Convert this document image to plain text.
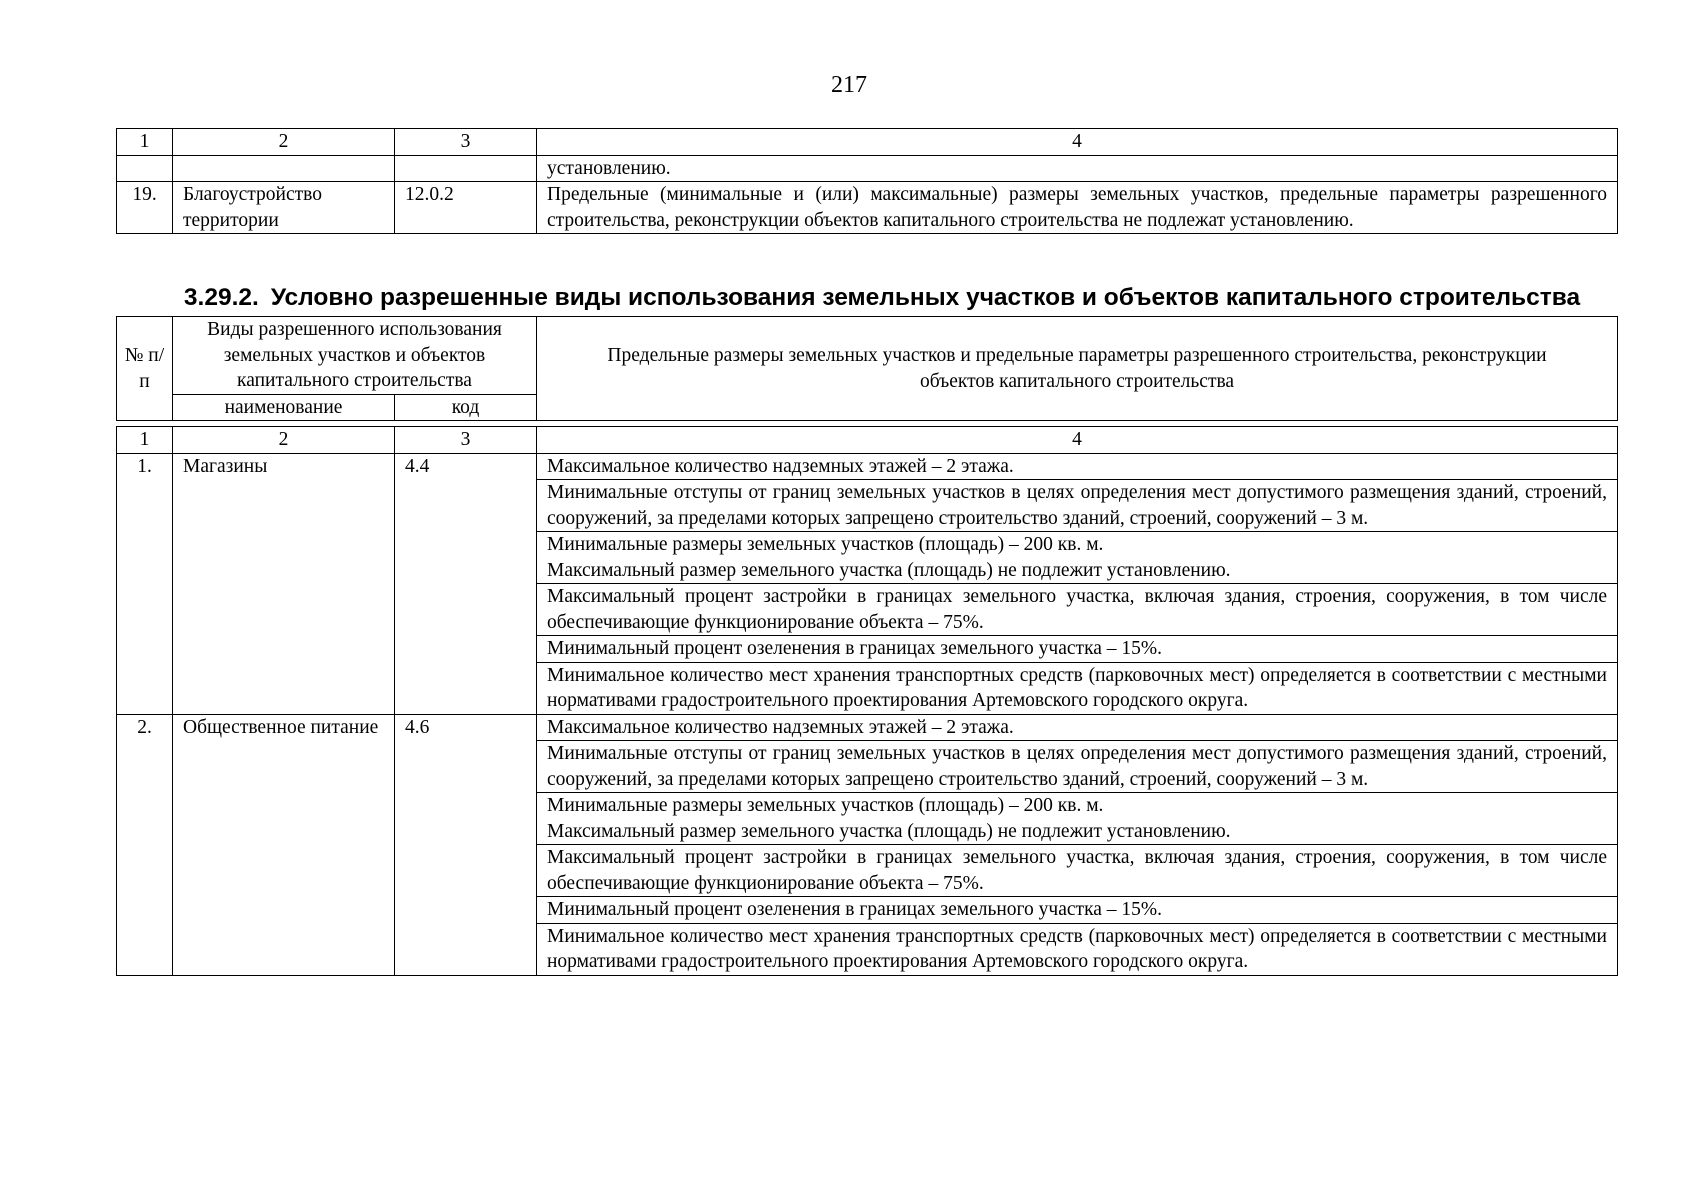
217
1	2	3	4
			установлению.
19.	Благоустройство территории	12.0.2	Предельные (минимальные и (или) максимальные) размеры земельных участков, предельные параметры разрешенного строительства, реконструкции объектов капитального строительства не подлежат установлению.
3.29.2. Условно разрешенные виды использования земельных участков и объектов капитального строительства
№ п/п	Виды разрешенного использования земельных участков и объектов капитального строительства		Предельные размеры земельных участков и предельные параметры разрешенного строительства, реконструкции объектов капитального строительства
	наименование	код	
1	2	3	4
1.	Магазины	4.4	Максимальное количество надземных этажей – 2 этажа.
			Минимальные отступы от границ земельных участков в целях определения мест допустимого размещения зданий, строений, сооружений, за пределами которых запрещено строительство зданий, строений, сооружений – 3 м.

			Минимальные размеры земельных участков (площадь) – 200 кв. м.
Максимальный размер земельного участка (площадь) не подлежит установлению.

			Максимальный процент застройки в границах земельного участка, включая здания, строения, сооружения, в том числе обеспечивающие функционирование объекта – 75%.
			Минимальный процент озеленения в границах земельного участка – 15%.
			Минимальное количество мест хранения транспортных средств (парковочных мест) определяется в соответствии с местными нормативами градостроительного проектирования Артемовского городского округа.
2.	Общественное питание	4.6	Максимальное количество надземных этажей – 2 этажа.
			Минимальные отступы от границ земельных участков в целях определения мест допустимого размещения зданий, строений, сооружений, за пределами которых запрещено строительство зданий, строений, сооружений – 3 м.

			Минимальные размеры земельных участков (площадь) – 200 кв. м.
Максимальный размер земельного участка (площадь) не подлежит установлению.

			Максимальный процент застройки в границах земельного участка, включая здания, строения, сооружения, в том числе обеспечивающие функционирование объекта – 75%.
			Минимальный процент озеленения в границах земельного участка – 15%.
			Минимальное количество мест хранения транспортных средств (парковочных мест) определяется в соответствии с местными нормативами градостроительного проектирования Артемовского городского округа.
